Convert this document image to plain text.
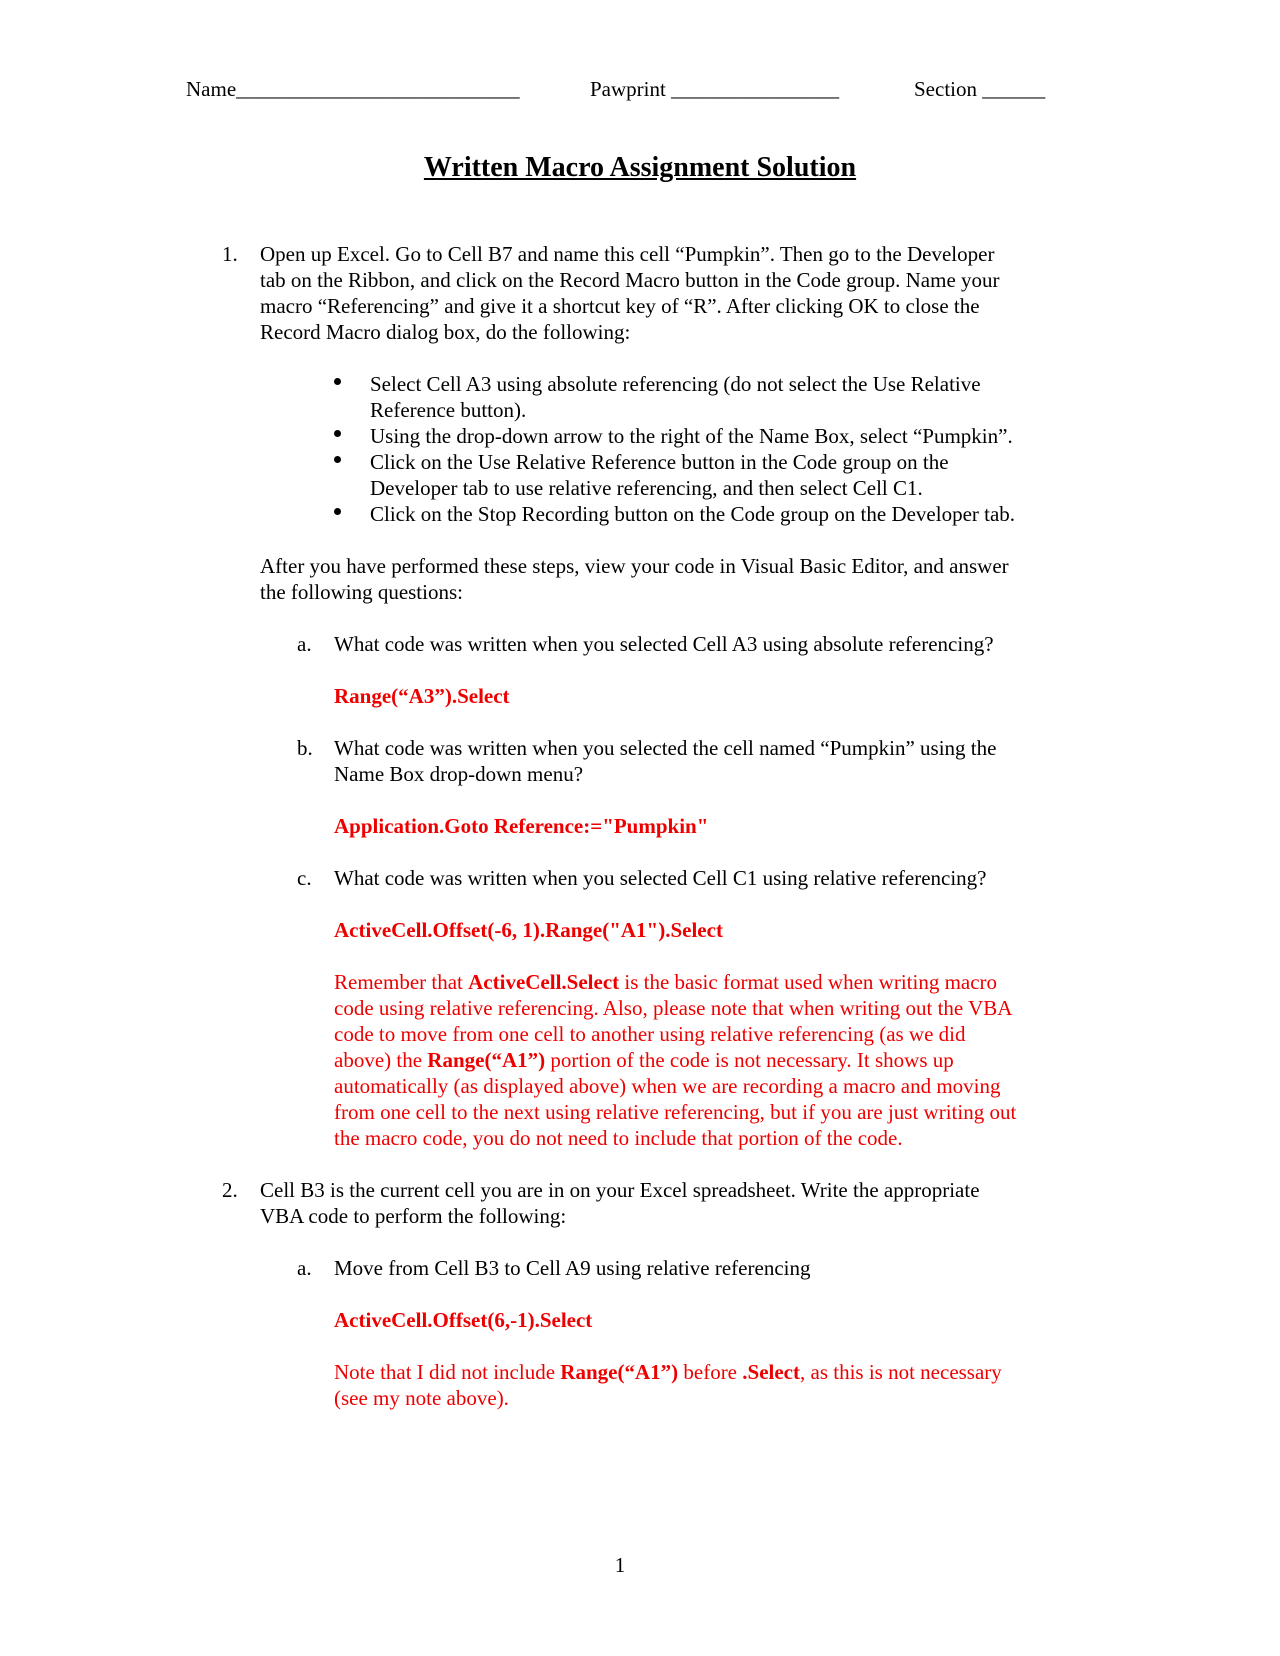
Name___________________________	Pawprint ________________	Section ______

Written Macro Assignment Solution

1. Open up Excel. Go to Cell B7 and name this cell “Pumpkin”. Then go to the Developer

tab on the Ribbon, and click on the Record Macro button in the Code group. Name your

macro “Referencing” and give it a shortcut key of “R”. After clicking OK to close the

Record Macro dialog box, do the following:

Select Cell A3 using absolute referencing (do not select the Use Relative

Reference button).

Using the drop-down arrow to the right of the Name Box, select “Pumpkin”.

Click on the Use Relative Reference button in the Code group on the

Developer tab to use relative referencing, and then select Cell C1.

Click on the Stop Recording button on the Code group on the Developer tab.

After you have performed these steps, view your code in Visual Basic Editor, and answer

the following questions:

a. What code was written when you selected Cell A3 using absolute referencing?

Range(“A3”).Select

b. What code was written when you selected the cell named “Pumpkin” using the

Name Box drop-down menu?

Application.Goto Reference:="Pumpkin"

c. What code was written when you selected Cell C1 using relative referencing?

ActiveCell.Offset(-6, 1).Range("A1").Select

Remember that ActiveCell.Select is the basic format used when writing macro

code using relative referencing. Also, please note that when writing out the VBA

code to move from one cell to another using relative referencing (as we did

above) the Range(“A1”) portion of the code is not necessary. It shows up

automatically (as displayed above) when we are recording a macro and moving

from one cell to the next using relative referencing, but if you are just writing out

the macro code, you do not need to include that portion of the code.

2. Cell B3 is the current cell you are in on your Excel spreadsheet. Write the appropriate

VBA code to perform the following:

a. Move from Cell B3 to Cell A9 using relative referencing

ActiveCell.Offset(6,-1).Select

Note that I did not include Range(“A1”) before .Select, as this is not necessary

(see my note above).

1
